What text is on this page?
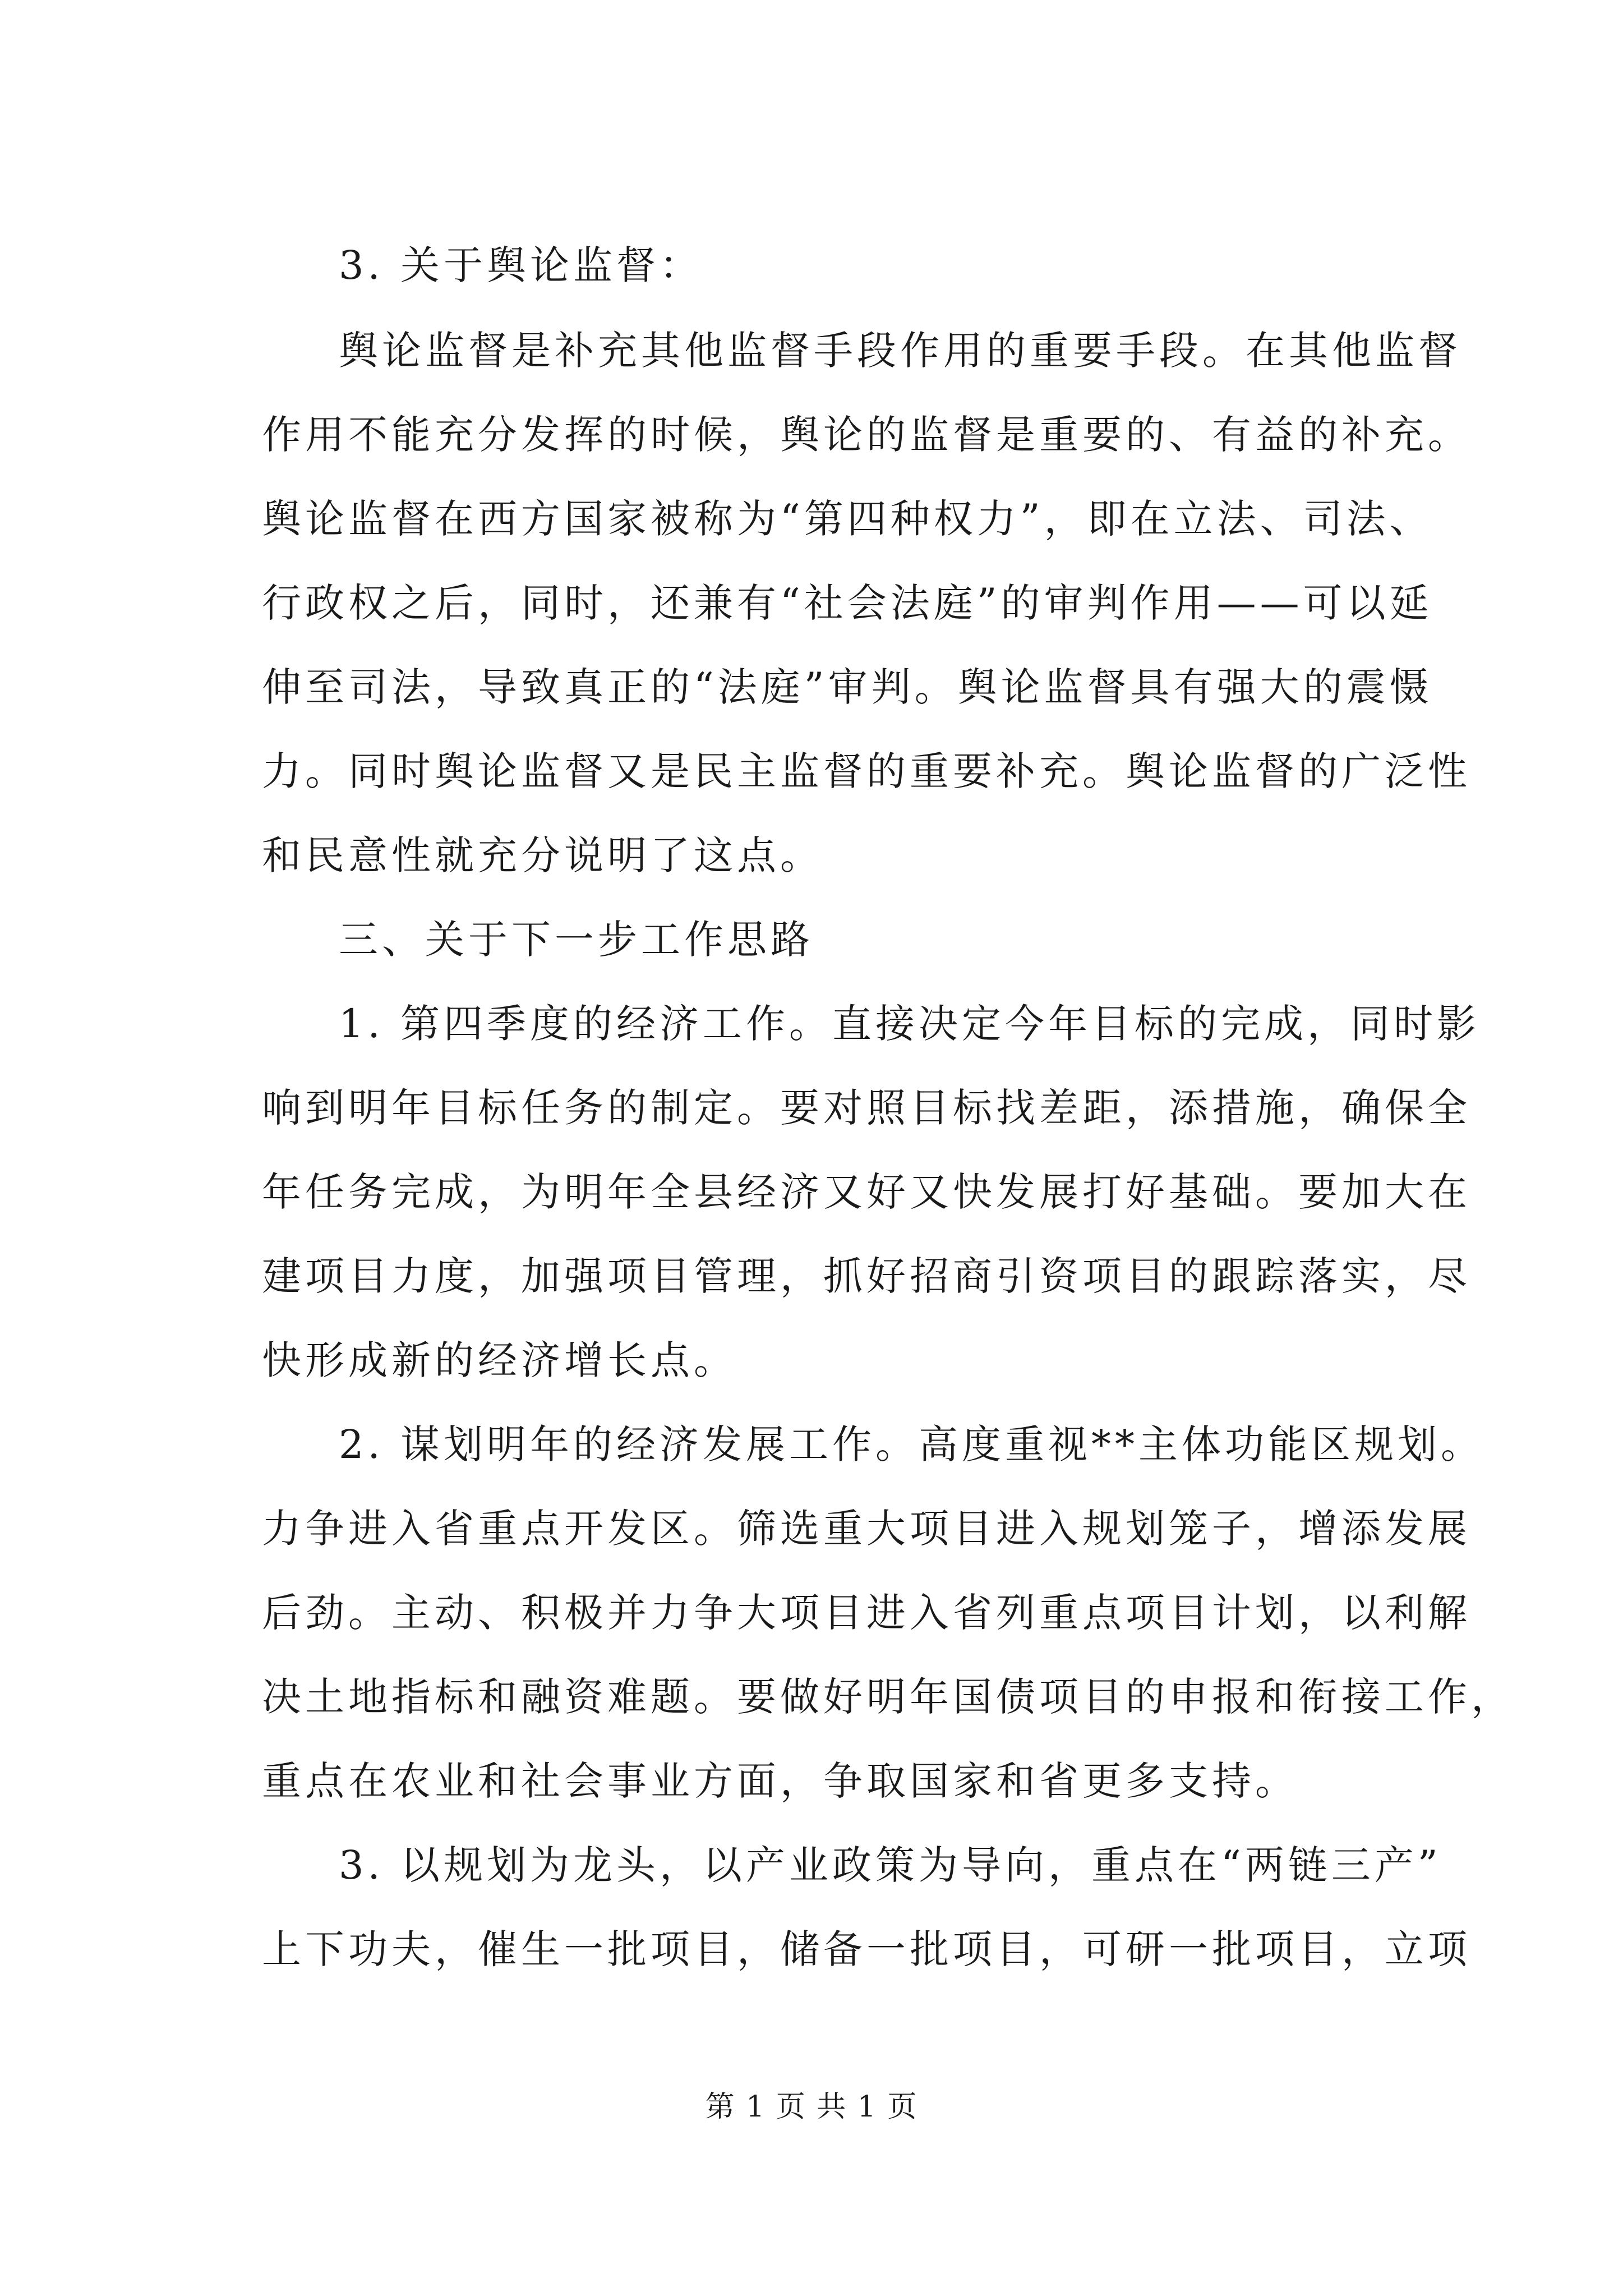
3. 关于舆论监督：
舆论监督是补充其他监督手段作用的重要手段。在其他监督
作用不能充分发挥的时候，舆论的监督是重要的、有益的补充。
舆论监督在西方国家被称为“第四种权力”，即在立法、司法、
行政权之后，同时，还兼有“社会法庭”的审判作用——可以延
伸至司法，导致真正的“法庭”审判。舆论监督具有强大的震慑
力。同时舆论监督又是民主监督的重要补充。舆论监督的广泛性
和民意性就充分说明了这点。
三、关于下一步工作思路
1. 第四季度的经济工作。直接决定今年目标的完成，同时影
响到明年目标任务的制定。要对照目标找差距，添措施，确保全
年任务完成，为明年全县经济又好又快发展打好基础。要加大在
建项目力度，加强项目管理，抓好招商引资项目的跟踪落实，尽
快形成新的经济增长点。
2. 谋划明年的经济发展工作。高度重视**主体功能区规划。
力争进入省重点开发区。筛选重大项目进入规划笼子，增添发展
后劲。主动、积极并力争大项目进入省列重点项目计划，以利解
决土地指标和融资难题。要做好明年国债项目的申报和衔接工作，
重点在农业和社会事业方面，争取国家和省更多支持。
3. 以规划为龙头，以产业政策为导向，重点在“两链三产”
上下功夫，催生一批项目，储备一批项目，可研一批项目，立项
第 1 页 共 1 页
